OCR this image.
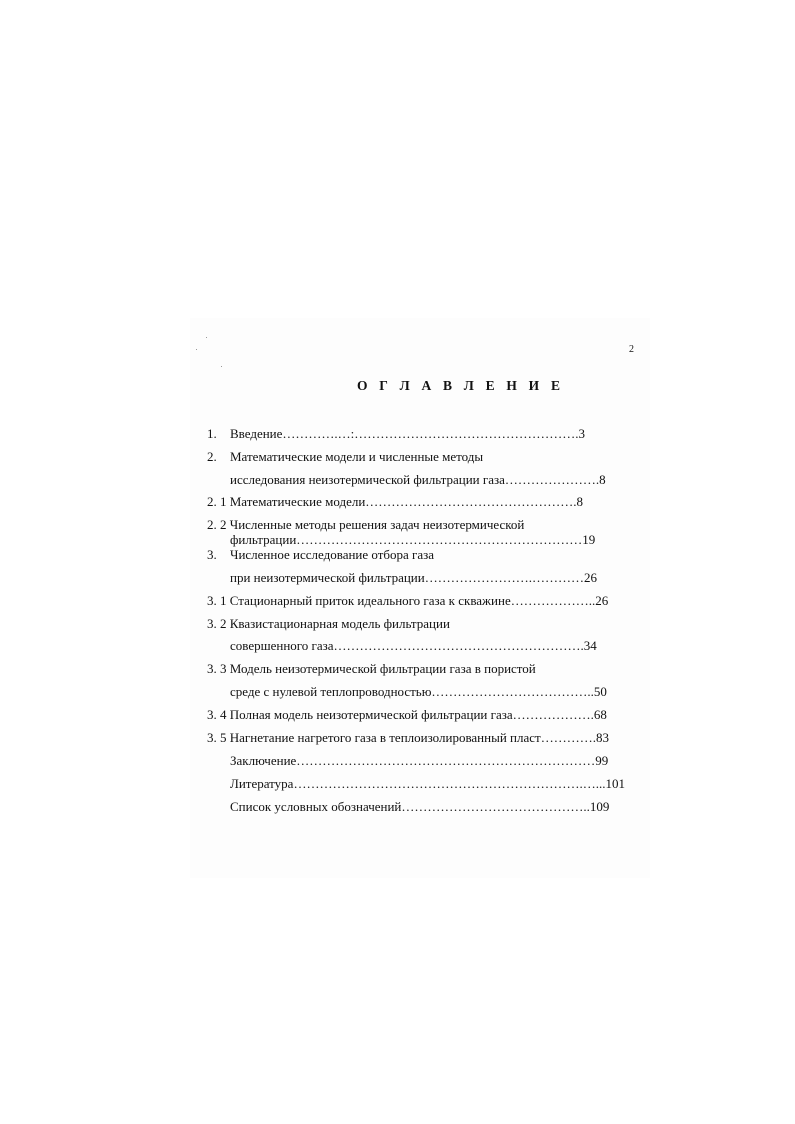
2
О Г Л А В Л Е Н И Е
1. Введение………….…:…………………………………………….3
2. Математические модели и численные методы
исследования неизотермической фильтрации газа………………….8
2. 1 Математические модели………………………………………….8
2. 2 Численные методы решения задач неизотермической
фильтрации…………………………………………………………19
3. Численное исследование отбора газа
при неизотермической фильтрации…………………….…………26
3. 1 Стационарный приток идеального газа к скважине………………..26
3. 2 Квазистационарная модель фильтрации
совершенного газа………………………………………………….34
3. 3 Модель неизотермической фильтрации газа в пористой
среде с нулевой теплопроводностью………………………………..50
3. 4 Полная модель неизотермической фильтрации газа……………….68
3. 5 Нагнетание нагретого газа в теплоизолированный пласт………….83
Заключение……………………………………………………………99
Литература………………………………………………………….…...101
Список условных обозначений……………………………………..109
